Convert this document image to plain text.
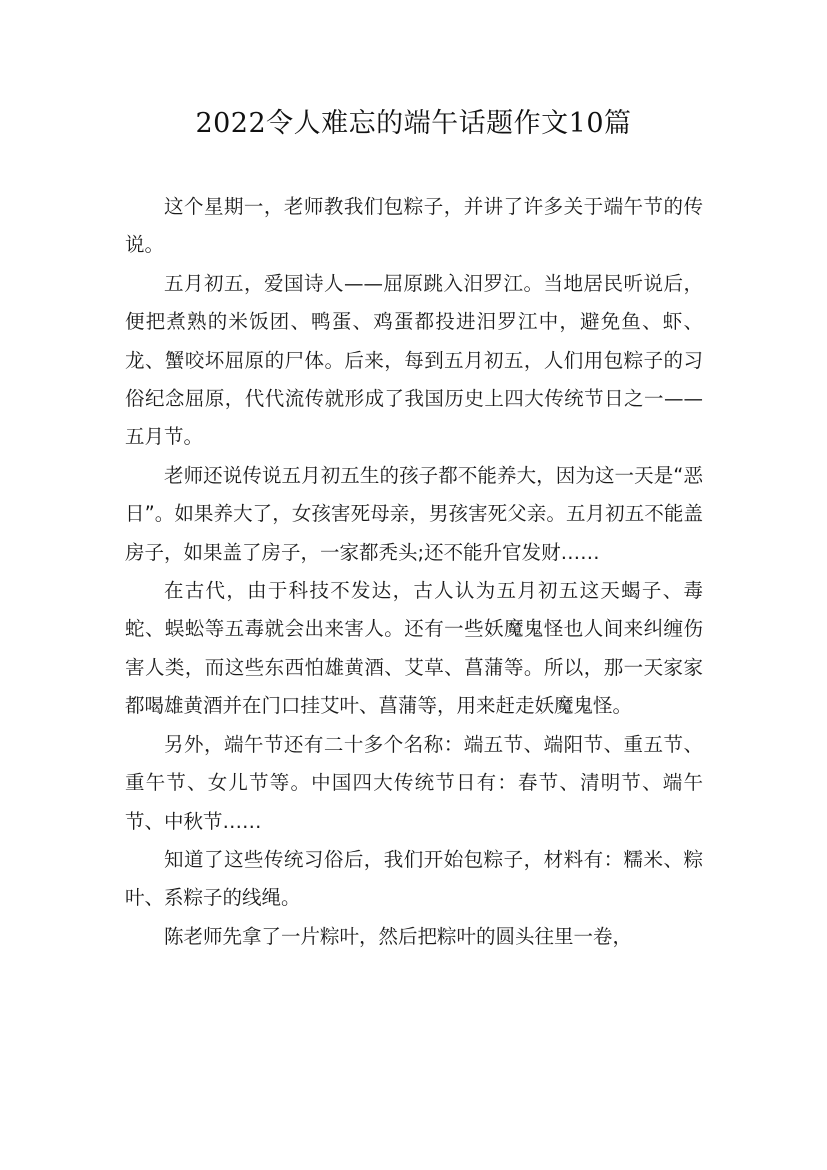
2022令人难忘的端午话题作文10篇

这个星期一，老师教我们包粽子，并讲了许多关于端午节的传说。

五月初五，爱国诗人——屈原跳入汨罗江。当地居民听说后，便把煮熟的米饭团、鸭蛋、鸡蛋都投进汨罗江中，避免鱼、虾、龙、蟹咬坏屈原的尸体。后来，每到五月初五，人们用包粽子的习俗纪念屈原，代代流传就形成了我国历史上四大传统节日之一——五月节。

老师还说传说五月初五生的孩子都不能养大，因为这一天是“恶日”。如果养大了，女孩害死母亲，男孩害死父亲。五月初五不能盖房子，如果盖了房子，一家都秃头;还不能升官发财……

在古代，由于科技不发达，古人认为五月初五这天蝎子、毒蛇、蜈蚣等五毒就会出来害人。还有一些妖魔鬼怪也人间来纠缠伤害人类，而这些东西怕雄黄酒、艾草、菖蒲等。所以，那一天家家都喝雄黄酒并在门口挂艾叶、菖蒲等，用来赶走妖魔鬼怪。

另外，端午节还有二十多个名称：端五节、端阳节、重五节、重午节、女儿节等。中国四大传统节日有：春节、清明节、端午节、中秋节……

知道了这些传统习俗后，我们开始包粽子，材料有：糯米、粽叶、系粽子的线绳。

陈老师先拿了一片粽叶，然后把粽叶的圆头往里一卷，
